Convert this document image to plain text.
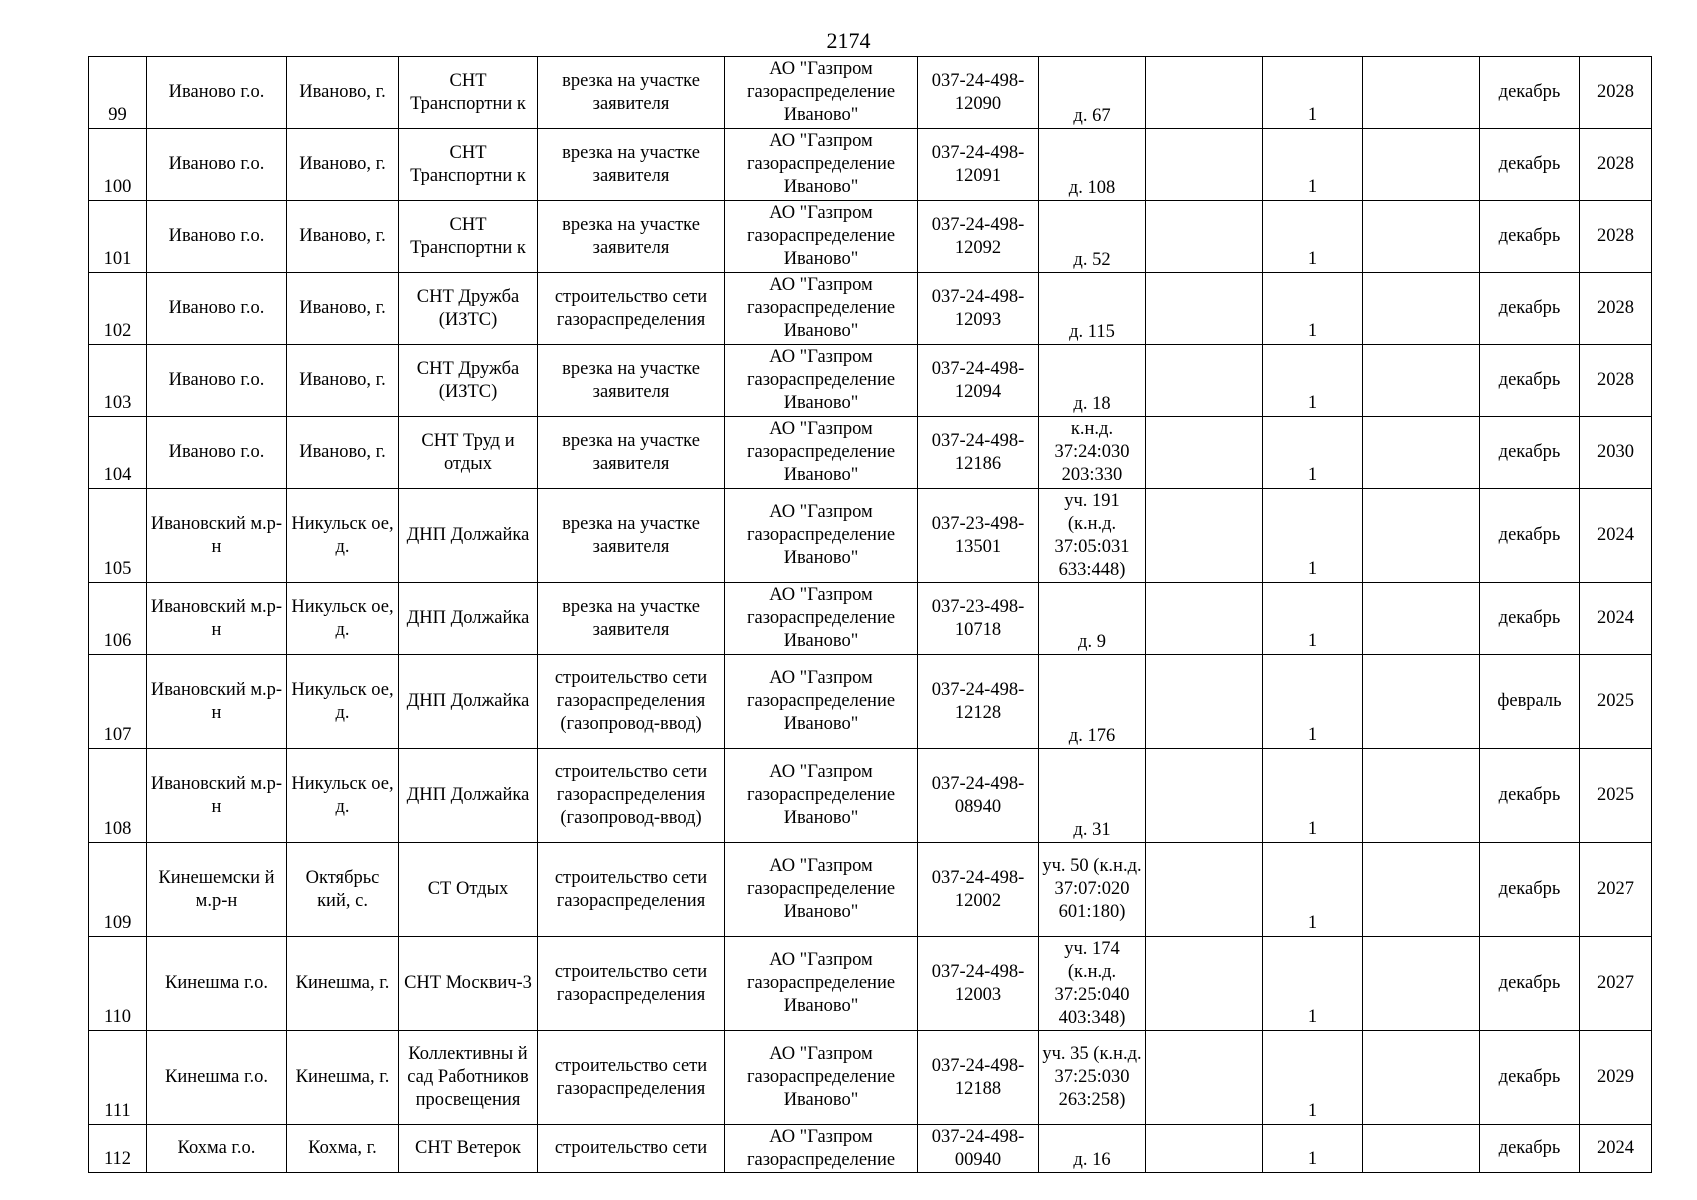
2174
99	Иваново г.о.	Иваново, г.	СНТ Транспортни к	врезка на участке заявителя	АО "Газпром газораспределение Иваново"	037-24-498-12090	д. 67		1		декабрь	2028
100	Иваново г.о.	Иваново, г.	СНТ Транспортни к	врезка на участке заявителя	АО "Газпром газораспределение Иваново"	037-24-498-12091	д. 108		1		декабрь	2028
101	Иваново г.о.	Иваново, г.	СНТ Транспортни к	врезка на участке заявителя	АО "Газпром газораспределение Иваново"	037-24-498-12092	д. 52		1		декабрь	2028
102	Иваново г.о.	Иваново, г.	СНТ Дружба (ИЗТС)	строительство сети газораспределения	АО "Газпром газораспределение Иваново"	037-24-498-12093	д. 115		1		декабрь	2028
103	Иваново г.о.	Иваново, г.	СНТ Дружба (ИЗТС)	врезка на участке заявителя	АО "Газпром газораспределение Иваново"	037-24-498-12094	д. 18		1		декабрь	2028
104	Иваново г.о.	Иваново, г.	СНТ Труд и отдых	врезка на участке заявителя	АО "Газпром газораспределение Иваново"	037-24-498-12186	к.н.д. 37:24:030 203:330		1		декабрь	2030
105	Ивановский м.р-н	Никульск ое, д.	ДНП Должайка	врезка на участке заявителя	АО "Газпром газораспределение Иваново"	037-23-498-13501	уч. 191 (к.н.д. 37:05:031 633:448)		1		декабрь	2024
106	Ивановский м.р-н	Никульск ое, д.	ДНП Должайка	врезка на участке заявителя	АО "Газпром газораспределение Иваново"	037-23-498-10718	д. 9		1		декабрь	2024
107	Ивановский м.р-н	Никульск ое, д.	ДНП Должайка	строительство сети газораспределения (газопровод-ввод)	АО "Газпром газораспределение Иваново"	037-24-498-12128	д. 176		1		февраль	2025
108	Ивановский м.р-н	Никульск ое, д.	ДНП Должайка	строительство сети газораспределения (газопровод-ввод)	АО "Газпром газораспределение Иваново"	037-24-498-08940	д. 31		1		декабрь	2025
109	Кинешемски й м.р-н	Октябрьс кий, с.	СТ Отдых	строительство сети газораспределения	АО "Газпром газораспределение Иваново"	037-24-498-12002	уч. 50 (к.н.д. 37:07:020 601:180)		1		декабрь	2027
110	Кинешма г.о.	Кинешма, г.	СНТ Москвич-3	строительство сети газораспределения	АО "Газпром газораспределение Иваново"	037-24-498-12003	уч. 174 (к.н.д. 37:25:040 403:348)		1		декабрь	2027
111	Кинешма г.о.	Кинешма, г.	Коллективны й сад Работников просвещения	строительство сети газораспределения	АО "Газпром газораспределение Иваново"	037-24-498-12188	уч. 35 (к.н.д. 37:25:030 263:258)		1		декабрь	2029
112	Кохма г.о.	Кохма, г.	СНТ Ветерок	строительство сети	АО "Газпром газораспределение	037-24-498-00940	д. 16		1		декабрь	2024
